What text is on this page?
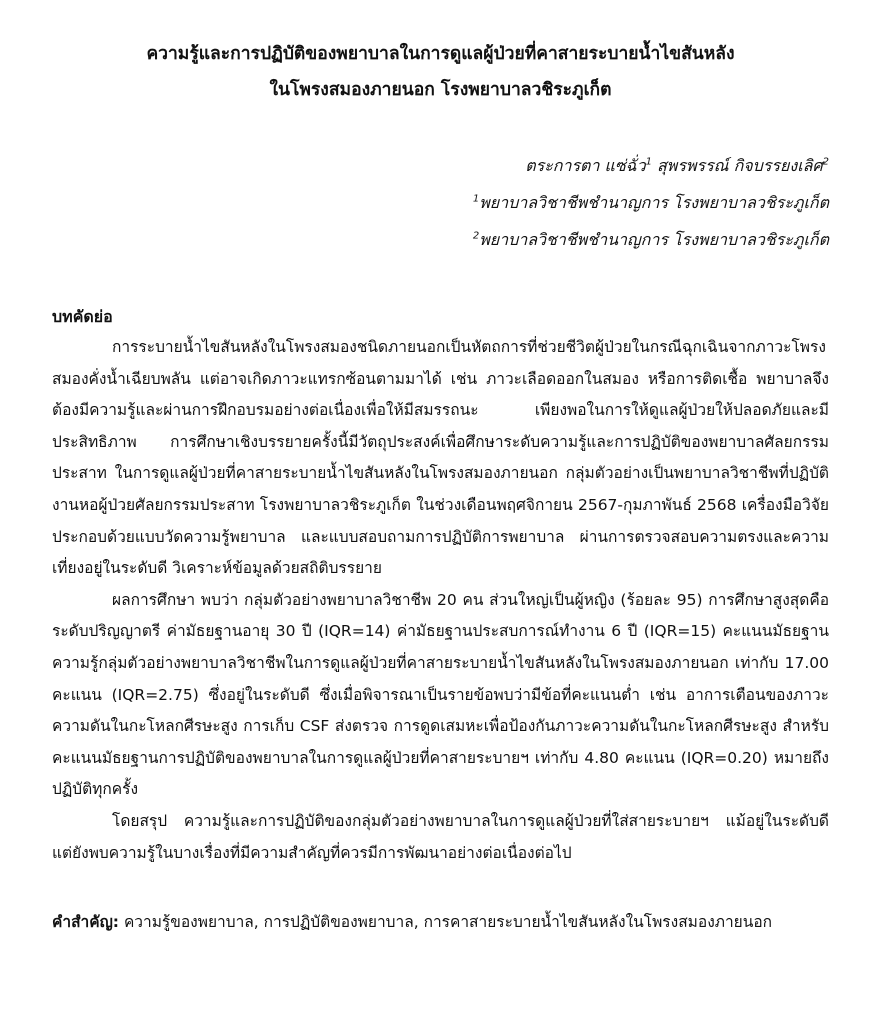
ความรู้และการปฏิบัติของพยาบาลในการดูแลผู้ป่วยที่คาสายระบายน้ำไขสันหลัง

ในโพรงสมองภายนอก โรงพยาบาลวชิระภูเก็ต

ตระการตา แซ่ฉั่ว$^1$ สุพรพรรณ์ กิจบรรยงเลิศ$^2$
$^1$พยาบาลวิชาชีพชำนาญการ โรงพยาบาลวชิระภูเก็ต
$^2$พยาบาลวิชาชีพชำนาญการ โรงพยาบาลวชิระภูเก็ต
บทคัดย่อ

การระบายน้ำไขสันหลังในโพรงสมองชนิดภายนอกเป็นหัตถการที่ช่วยชีวิตผู้ป่วยในกรณีฉุกเฉินจากภาวะโพรงสมองคั่งน้ำเฉียบพลัน แต่อาจเกิดภาวะแทรกซ้อนตามมาได้ เช่น ภาวะเลือดออกในสมอง หรือการติดเชื้อ พยาบาลจึงต้องมีความรู้และผ่านการฝึกอบรมอย่างต่อเนื่องเพื่อให้มีสมรรถนะ เพียงพอในการให้ดูแลผู้ป่วยให้ปลอดภัยและมีประสิทธิภาพ การศึกษาเชิงบรรยายครั้งนี้มีวัตถุประสงค์เพื่อศึกษาระดับความรู้และการปฏิบัติของพยาบาลศัลยกรรมประสาท ในการดูแลผู้ป่วยที่คาสายระบายน้ำไขสันหลังในโพรงสมองภายนอก กลุ่มตัวอย่างเป็นพยาบาลวิชาชีพที่ปฏิบัติงานหอผู้ป่วยศัลยกรรมประสาท โรงพยาบาลวชิระภูเก็ต ในช่วงเดือนพฤศจิกายน 2567-กุมภาพันธ์ 2568 เครื่องมือวิจัยประกอบด้วยแบบวัดความรู้พยาบาล และแบบสอบถามการปฏิบัติการพยาบาล ผ่านการตรวจสอบความตรงและความเที่ยงอยู่ในระดับดี วิเคราะห์ข้อมูลด้วยสถิติบรรยาย

ผลการศึกษา พบว่า กลุ่มตัวอย่างพยาบาลวิชาชีพ 20 คน ส่วนใหญ่เป็นผู้หญิง (ร้อยละ 95) การศึกษาสูงสุดคือระดับปริญญาตรี ค่ามัธยฐานอายุ 30 ปี (IQR=14) ค่ามัธยฐานประสบการณ์ทำงาน 6 ปี (IQR=15) คะแนนมัธยฐานความรู้กลุ่มตัวอย่างพยาบาลวิชาชีพในการดูแลผู้ป่วยที่คาสายระบายน้ำไขสันหลังในโพรงสมองภายนอก เท่ากับ 17.00 คะแนน (IQR=2.75) ซึ่งอยู่ในระดับดี ซึ่งเมื่อพิจารณาเป็นรายข้อพบว่ามีข้อที่คะแนนต่ำ เช่น อาการเตือนของภาวะความดันในกะโหลกศีรษะสูง การเก็บ CSF ส่งตรวจ การดูดเสมหะเพื่อป้องกันภาวะความดันในกะโหลกศีรษะสูง สำหรับคะแนนมัธยฐานการปฏิบัติของพยาบาลในการดูแลผู้ป่วยที่คาสายระบายฯ เท่ากับ 4.80 คะแนน (IQR=0.20) หมายถึงปฏิบัติทุกครั้ง

โดยสรุป ความรู้และการปฏิบัติของกลุ่มตัวอย่างพยาบาลในการดูแลผู้ป่วยที่ใส่สายระบายฯ แม้อยู่ในระดับดี แต่ยังพบความรู้ในบางเรื่องที่มีความสำคัญที่ควรมีการพัฒนาอย่างต่อเนื่องต่อไป

คำสำคัญ: ความรู้ของพยาบาล, การปฏิบัติของพยาบาล, การคาสายระบายน้ำไขสันหลังในโพรงสมองภายนอก
